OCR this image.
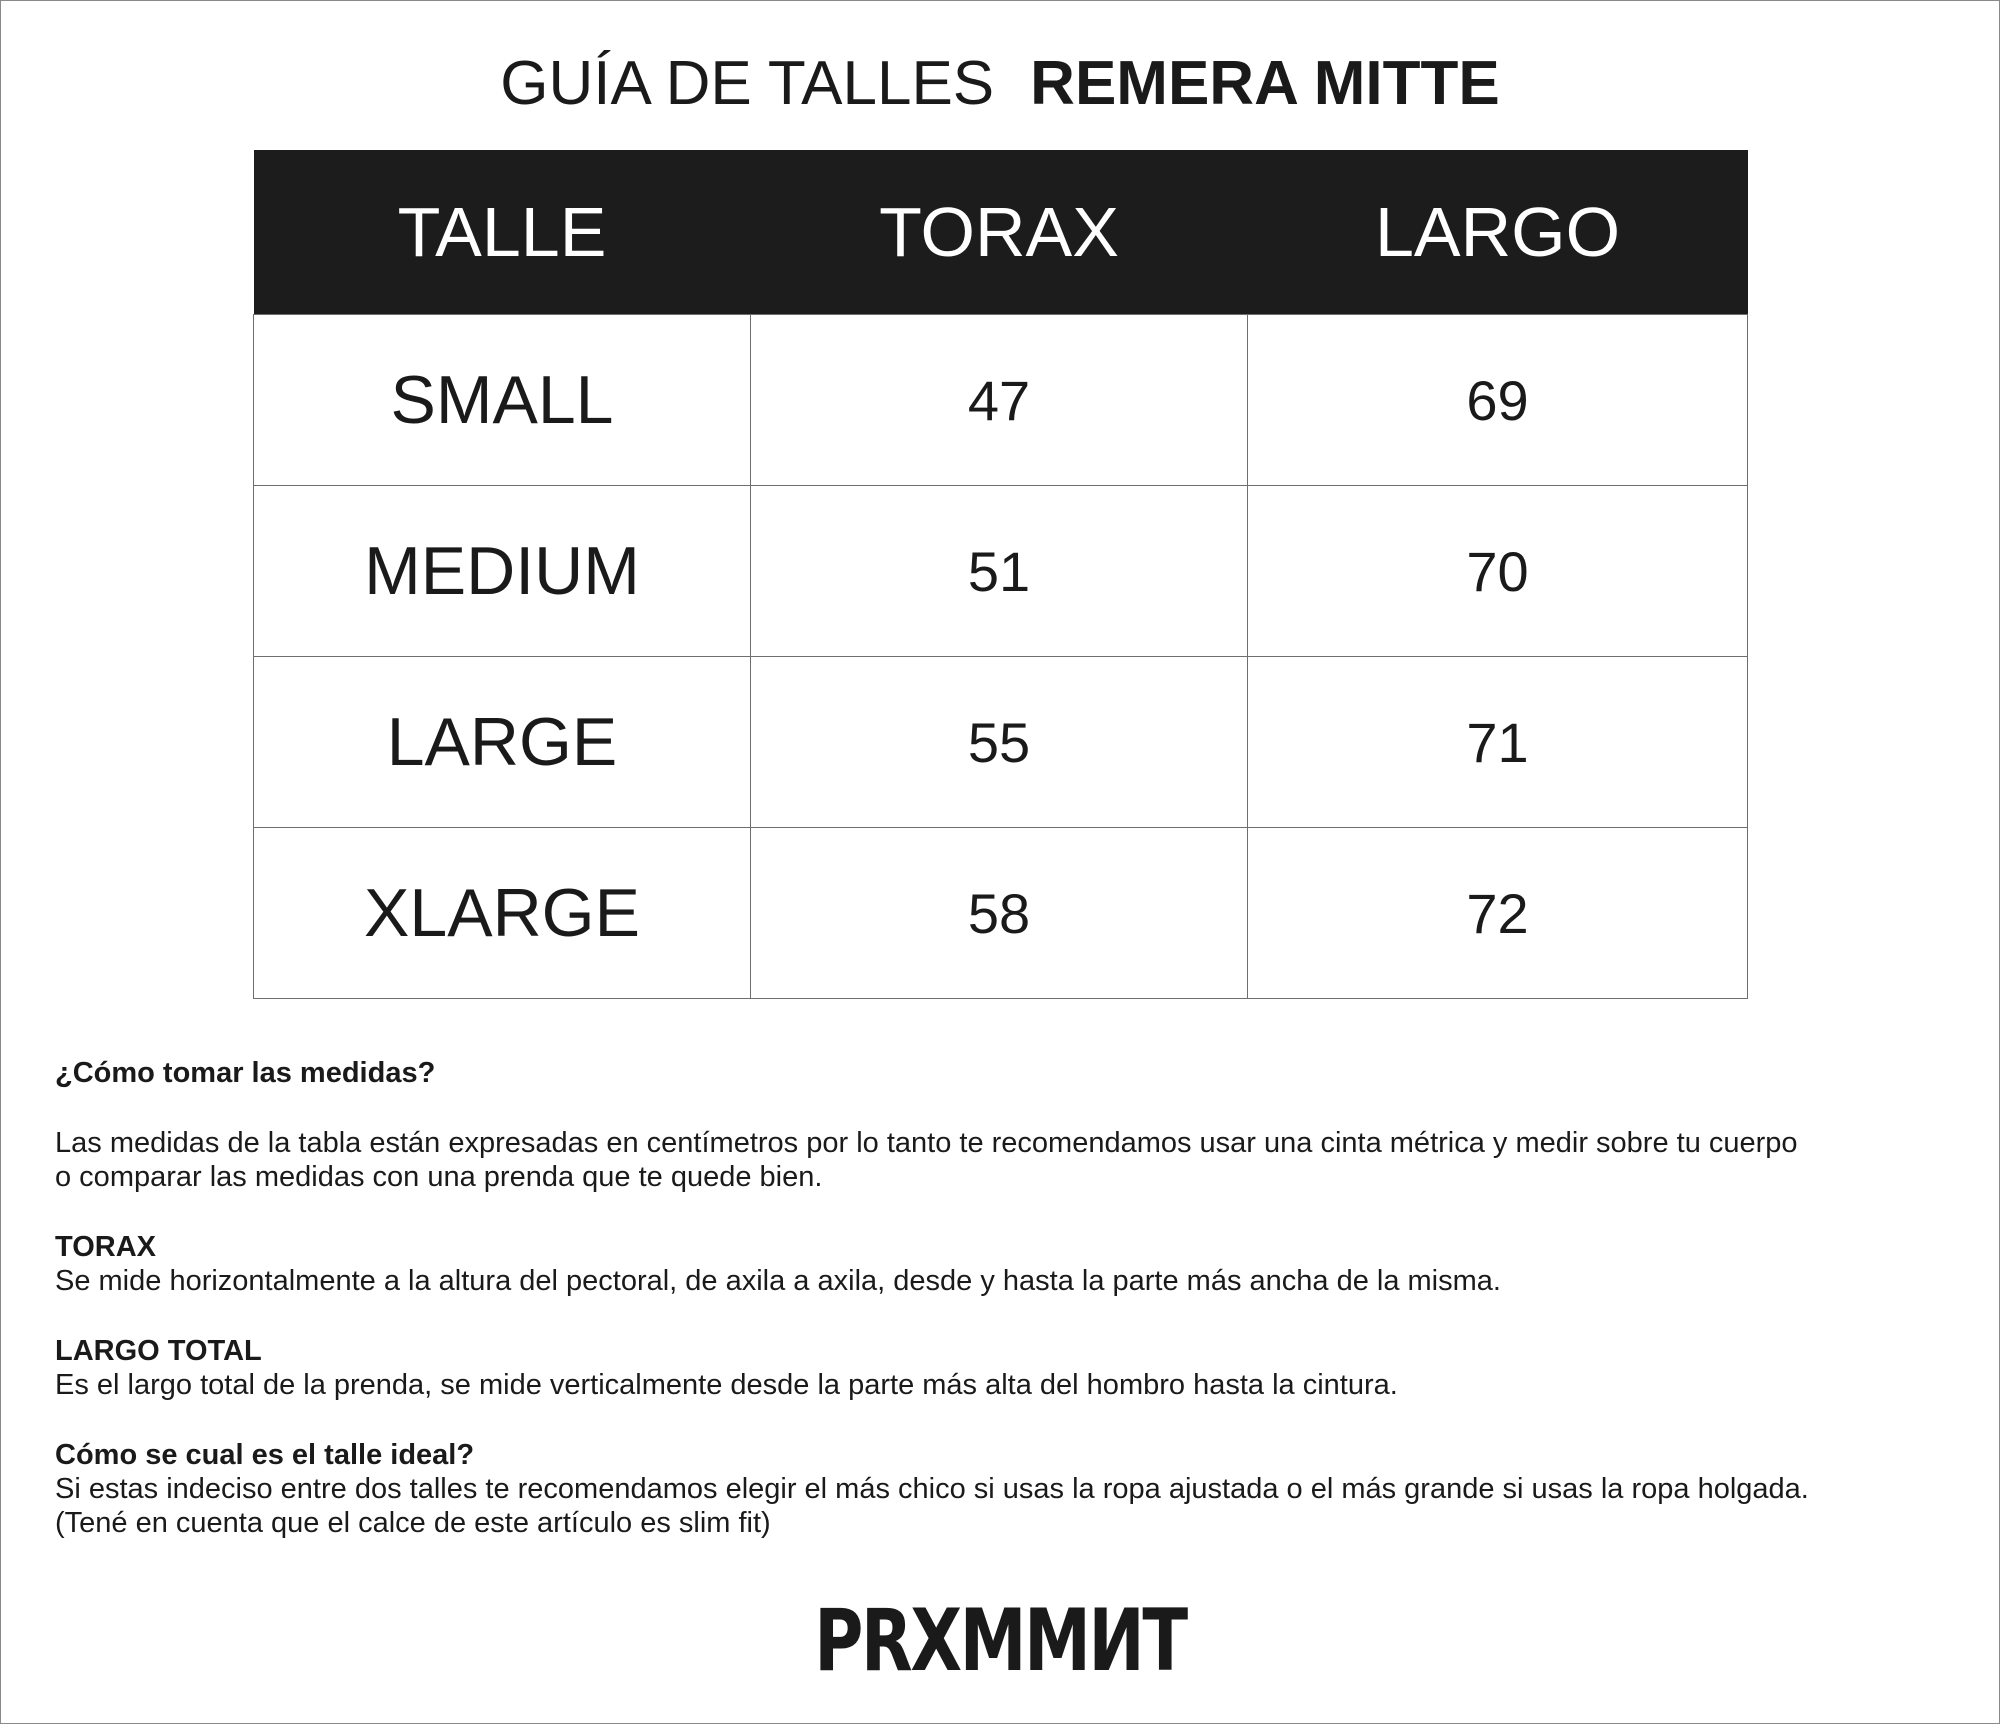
GUÍA DE TALLES REMERA MITTE
TALLE	TORAX	LARGO
SMALL	47	69
MEDIUM	51	70
LARGE	55	71
XLARGE	58	72

¿Cómo tomar las medidas?

Las medidas de la tabla están expresadas en centímetros por lo tanto te recomendamos usar una cinta métrica y medir sobre tu cuerpo

o comparar las medidas con una prenda que te quede bien.

TORAX

Se mide horizontalmente a la altura del pectoral, de axila a axila, desde y hasta la parte más ancha de la misma.

LARGO TOTAL

Es el largo total de la prenda, se mide verticalmente desde la parte más alta del hombro hasta la cintura.

Cómo se cual es el talle ideal?

Si estas indeciso entre dos talles te recomendamos elegir el más chico si usas la ropa ajustada o el más grande si usas la ropa holgada.

(Tené en cuenta que el calce de este artículo es slim fit)

PRXMMИT
